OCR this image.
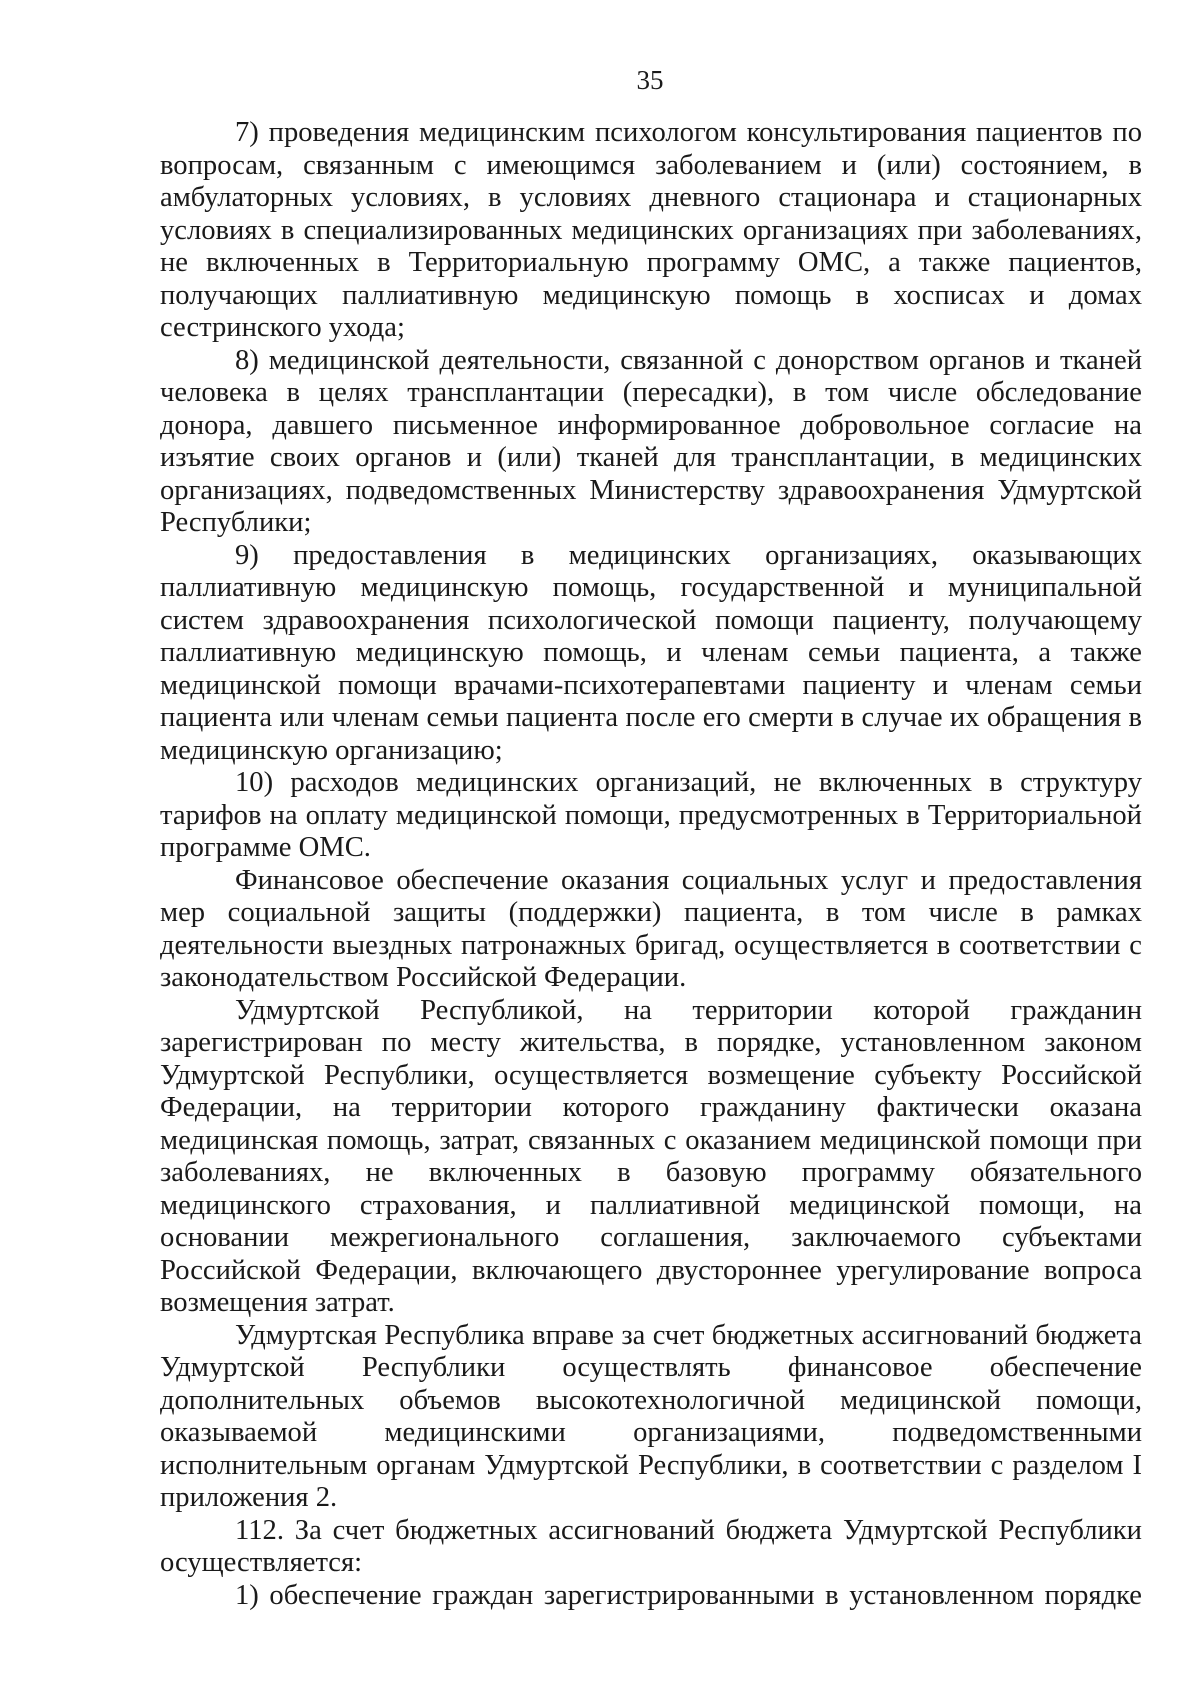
35

7) проведения медицинским психологом консультирования пациентов по вопросам, связанным с имеющимся заболеванием и (или) состоянием, в амбулаторных условиях, в условиях дневного стационара и стационарных условиях в специализированных медицинских организациях при заболеваниях, не включенных в Территориальную программу ОМС, а также пациентов, получающих паллиативную медицинскую помощь в хосписах и домах сестринского ухода;

8) медицинской деятельности, связанной с донорством органов и тканей человека в целях трансплантации (пересадки), в том числе обследование донора, давшего письменное информированное добровольное согласие на изъятие своих органов и (или) тканей для трансплантации, в медицинских организациях, подведомственных Министерству здравоохранения Удмуртской Республики;

9) предоставления в медицинских организациях, оказывающих паллиативную медицинскую помощь, государственной и муниципальной систем здравоохранения психологической помощи пациенту, получающему паллиативную медицинскую помощь, и членам семьи пациента, а также медицинской помощи врачами-психотерапевтами пациенту и членам семьи пациента или членам семьи пациента после его смерти в случае их обращения в медицинскую организацию;

10) расходов медицинских организаций, не включенных в структуру тарифов на оплату медицинской помощи, предусмотренных в Территориальной программе ОМС.

Финансовое обеспечение оказания социальных услуг и предоставления мер социальной защиты (поддержки) пациента, в том числе в рамках деятельности выездных патронажных бригад, осуществляется в соответствии с законодательством Российской Федерации.

Удмуртской Республикой, на территории которой гражданин зарегистрирован по месту жительства, в порядке, установленном законом Удмуртской Республики, осуществляется возмещение субъекту Российской Федерации, на территории которого гражданину фактически оказана медицинская помощь, затрат, связанных с оказанием медицинской помощи при заболеваниях, не включенных в базовую программу обязательного медицинского страхования, и паллиативной медицинской помощи, на основании межрегионального соглашения, заключаемого субъектами Российской Федерации, включающего двустороннее урегулирование вопроса возмещения затрат.

Удмуртская Республика вправе за счет бюджетных ассигнований бюджета Удмуртской Республики осуществлять финансовое обеспечение дополнительных объемов высокотехнологичной медицинской помощи, оказываемой медицинскими организациями, подведомственными исполнительным органам Удмуртской Республики, в соответствии с разделом I приложения 2.

112. За счет бюджетных ассигнований бюджета Удмуртской Республики осуществляется:

1) обеспечение граждан зарегистрированными в установленном порядке
